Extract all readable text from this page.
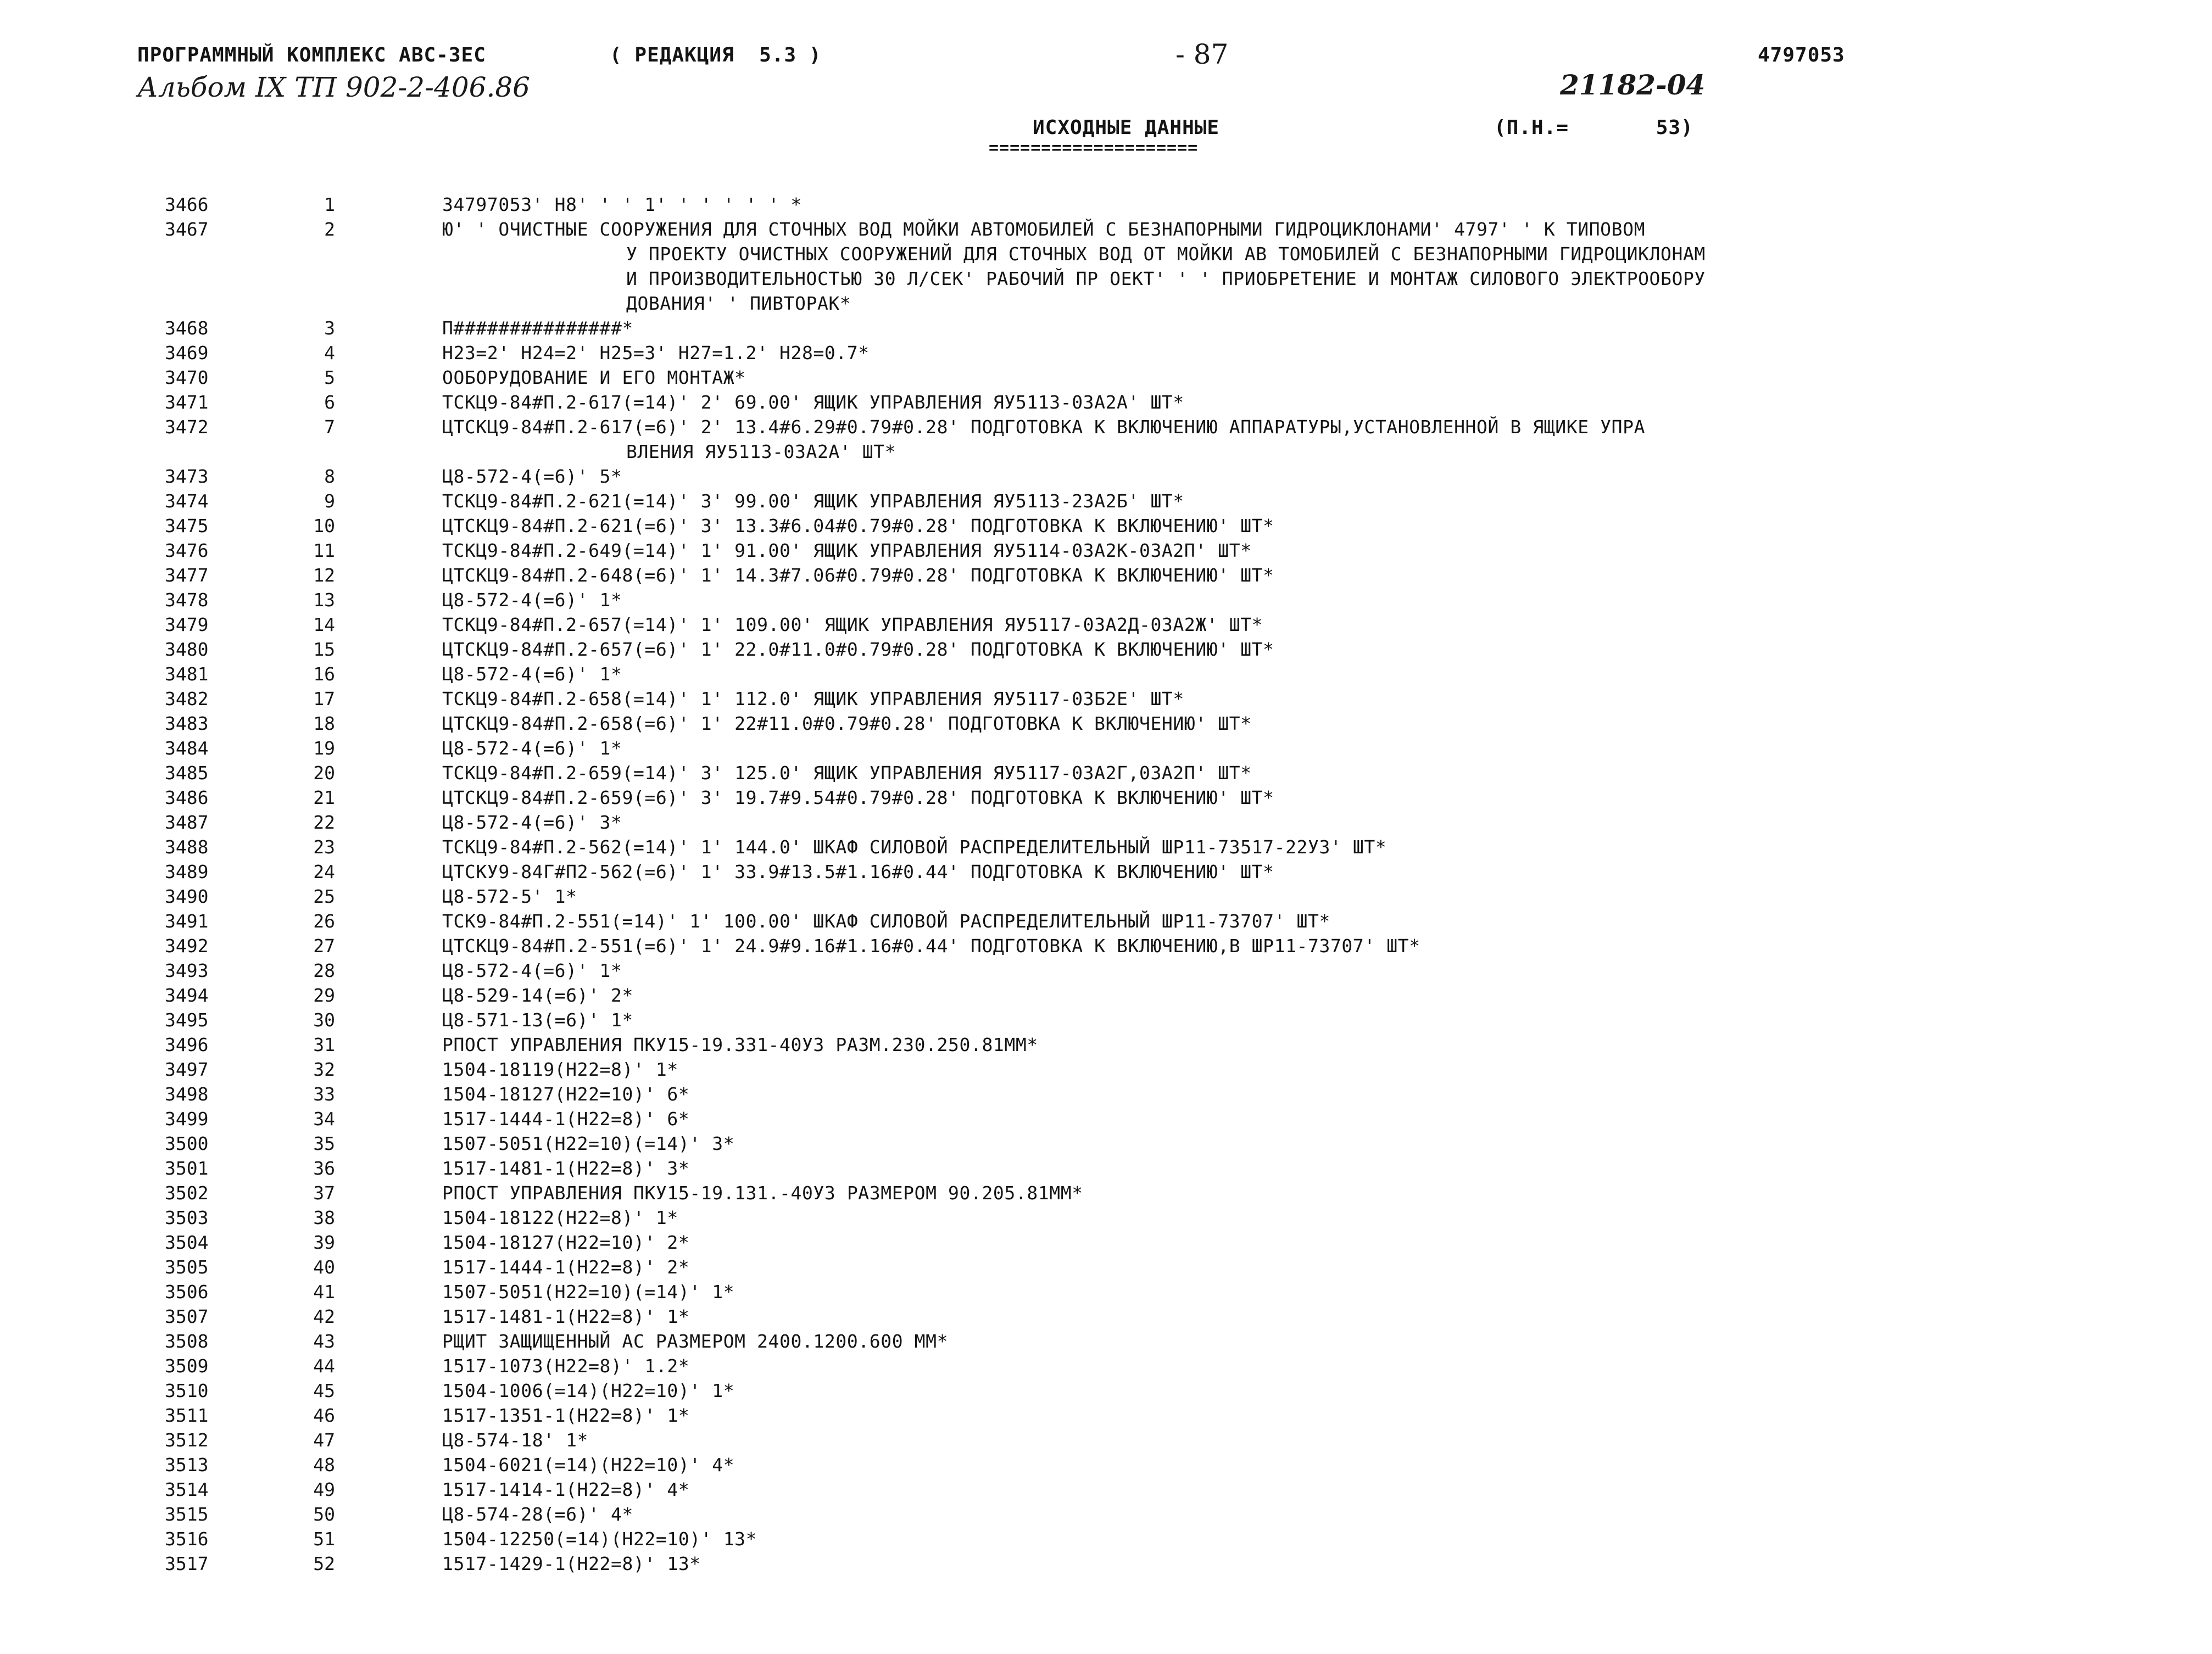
ПРОГРАММНЫЙ КОМПЛЕКС АВС-3ЕС	( РЕДАКЦИЯ  5.3 )	- 87	4797053
Альбом IX ТП 902-2-406.86	21182-04
ИСХОДНЫЕ ДАННЫЕ
====================
(П.Н.=       53)
3466	1	34797053' Н8' ' ' 1' ' ' ' ' ' *
3467	2	Ю' ' ОЧИСТНЫЕ СООРУЖЕНИЯ ДЛЯ СТОЧНЫХ ВОД МОЙКИ АВТОМОБИЛЕЙ С БЕЗНАПОРНЫМИ ГИДРОЦИКЛОНАМИ' 4797' ' К ТИПОВОМ
У ПРОЕКТУ ОЧИСТНЫХ СООРУЖЕНИЙ ДЛЯ СТОЧНЫХ ВОД ОТ МОЙКИ АВ ТОМОБИЛЕЙ С БЕЗНАПОРНЫМИ ГИДРОЦИКЛОНАМ
И ПРОИЗВОДИТЕЛЬНОСТЬЮ 30 Л/СЕК' РАБОЧИЙ ПР ОЕКТ' ' ' ПРИОБРЕТЕНИЕ И МОНТАЖ СИЛОВОГО ЭЛЕКТРООБОРУ
ДОВАНИЯ' ' ПИВТОРАК*
3468	3	П###############*
3469	4	Н23=2' Н24=2' Н25=3' Н27=1.2' Н28=0.7*
3470	5	ООБОРУДОВАНИЕ И ЕГО МОНТАЖ*
3471	6	ТСКЦ9-84#П.2-617(=14)' 2' 69.00' ЯЩИК УПРАВЛЕНИЯ ЯУ5113-03А2А' ШТ*
3472	7	ЦТСКЦ9-84#П.2-617(=6)' 2' 13.4#6.29#0.79#0.28' ПОДГОТОВКА К ВКЛЮЧЕНИЮ АППАРАТУРЫ,УСТАНОВЛЕННОЙ В ЯЩИКЕ УПРА
ВЛЕНИЯ ЯУ5113-03А2А' ШТ*
3473	8	Ц8-572-4(=6)' 5*
3474	9	ТСКЦ9-84#П.2-621(=14)' 3' 99.00' ЯЩИК УПРАВЛЕНИЯ ЯУ5113-23А2Б' ШТ*
3475	10	ЦТСКЦ9-84#П.2-621(=6)' 3' 13.3#6.04#0.79#0.28' ПОДГОТОВКА К ВКЛЮЧЕНИЮ' ШТ*
3476	11	ТСКЦ9-84#П.2-649(=14)' 1' 91.00' ЯЩИК УПРАВЛЕНИЯ ЯУ5114-03А2К-03А2П' ШТ*
3477	12	ЦТСКЦ9-84#П.2-648(=6)' 1' 14.3#7.06#0.79#0.28' ПОДГОТОВКА К ВКЛЮЧЕНИЮ' ШТ*
3478	13	Ц8-572-4(=6)' 1*
3479	14	ТСКЦ9-84#П.2-657(=14)' 1' 109.00' ЯЩИК УПРАВЛЕНИЯ ЯУ5117-03А2Д-03А2Ж' ШТ*
3480	15	ЦТСКЦ9-84#П.2-657(=6)' 1' 22.0#11.0#0.79#0.28' ПОДГОТОВКА К ВКЛЮЧЕНИЮ' ШТ*
3481	16	Ц8-572-4(=6)' 1*
3482	17	ТСКЦ9-84#П.2-658(=14)' 1' 112.0' ЯЩИК УПРАВЛЕНИЯ ЯУ5117-03Б2Е' ШТ*
3483	18	ЦТСКЦ9-84#П.2-658(=6)' 1' 22#11.0#0.79#0.28' ПОДГОТОВКА К ВКЛЮЧЕНИЮ' ШТ*
3484	19	Ц8-572-4(=6)' 1*
3485	20	ТСКЦ9-84#П.2-659(=14)' 3' 125.0' ЯЩИК УПРАВЛЕНИЯ ЯУ5117-03А2Г,03А2П' ШТ*
3486	21	ЦТСКЦ9-84#П.2-659(=6)' 3' 19.7#9.54#0.79#0.28' ПОДГОТОВКА К ВКЛЮЧЕНИЮ' ШТ*
3487	22	Ц8-572-4(=6)' 3*
3488	23	ТСКЦ9-84#П.2-562(=14)' 1' 144.0' ШКАФ СИЛОВОЙ РАСПРЕДЕЛИТЕЛЬНЫЙ ШР11-73517-22У3' ШТ*
3489	24	ЦТСКУ9-84Г#П2-562(=6)' 1' 33.9#13.5#1.16#0.44' ПОДГОТОВКА К ВКЛЮЧЕНИЮ' ШТ*
3490	25	Ц8-572-5' 1*
3491	26	ТСК9-84#П.2-551(=14)' 1' 100.00' ШКАФ СИЛОВОЙ РАСПРЕДЕЛИТЕЛЬНЫЙ ШР11-73707' ШТ*
3492	27	ЦТСКЦ9-84#П.2-551(=6)' 1' 24.9#9.16#1.16#0.44' ПОДГОТОВКА К ВКЛЮЧЕНИЮ,В ШР11-73707' ШТ*
3493	28	Ц8-572-4(=6)' 1*
3494	29	Ц8-529-14(=6)' 2*
3495	30	Ц8-571-13(=6)' 1*
3496	31	РПОСТ УПРАВЛЕНИЯ ПКУ15-19.331-40У3 РАЗМ.230.250.81ММ*
3497	32	1504-18119(Н22=8)' 1*
3498	33	1504-18127(Н22=10)' 6*
3499	34	1517-1444-1(Н22=8)' 6*
3500	35	1507-5051(Н22=10)(=14)' 3*
3501	36	1517-1481-1(Н22=8)' 3*
3502	37	РПОСТ УПРАВЛЕНИЯ ПКУ15-19.131.-40У3 РАЗМЕРОМ 90.205.81ММ*
3503	38	1504-18122(Н22=8)' 1*
3504	39	1504-18127(Н22=10)' 2*
3505	40	1517-1444-1(Н22=8)' 2*
3506	41	1507-5051(Н22=10)(=14)' 1*
3507	42	1517-1481-1(Н22=8)' 1*
3508	43	РЩИТ ЗАЩИЩЕННЫЙ АС РАЗМЕРОМ 2400.1200.600 ММ*
3509	44	1517-1073(Н22=8)' 1.2*
3510	45	1504-1006(=14)(Н22=10)' 1*
3511	46	1517-1351-1(Н22=8)' 1*
3512	47	Ц8-574-18' 1*
3513	48	1504-6021(=14)(Н22=10)' 4*
3514	49	1517-1414-1(Н22=8)' 4*
3515	50	Ц8-574-28(=6)' 4*
3516	51	1504-12250(=14)(Н22=10)' 13*
3517	52	1517-1429-1(Н22=8)' 13*
